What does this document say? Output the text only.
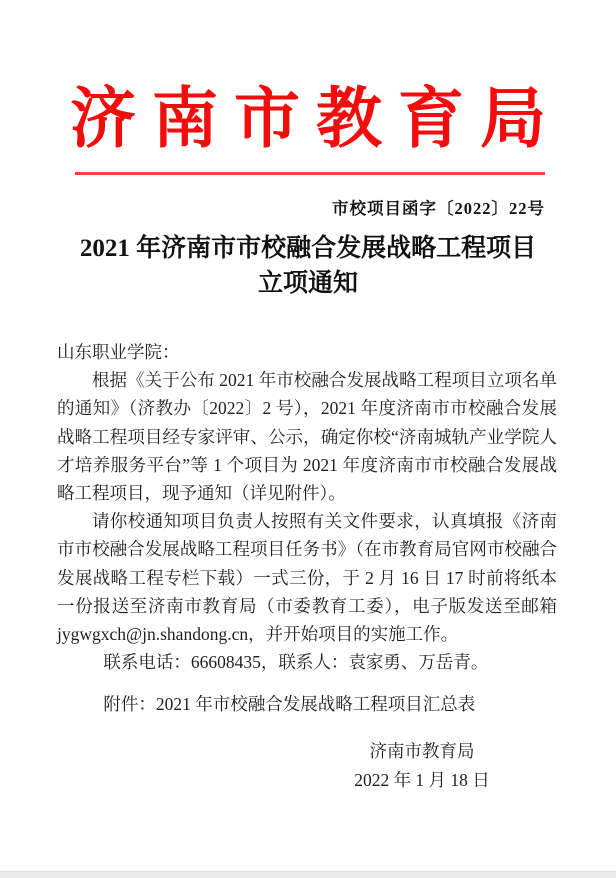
济南市教育局
市校项目函字〔2022〕22号
2021 年济南市市校融合发展战略工程项目
立项通知

山东职业学院：

根据《关于公布 2021 年市校融合发展战略工程项目立项名单的通知》（济教办〔2022〕2 号），2021 年度济南市市校融合发展战略工程项目经专家评审、公示，确定你校“济南城轨产业学院人才培养服务平台”等 1 个项目为 2021 年度济南市市校融合发展战略工程项目，现予通知（详见附件）。

请你校通知项目负责人按照有关文件要求，认真填报《济南市市校融合发展战略工程项目任务书》（在市教育局官网市校融合发展战略工程专栏下载）一式三份，于 2 月 16 日 17 时前将纸本一份报送至济南市教育局（市委教育工委），电子版发送至邮箱 jygwgxch@jn.shandong.cn，并开始项目的实施工作。

联系电话：66608435，联系人：袁家勇、万岳青。

附件：2021 年市校融合发展战略工程项目汇总表

济南市教育局
2022 年 1 月 18 日
